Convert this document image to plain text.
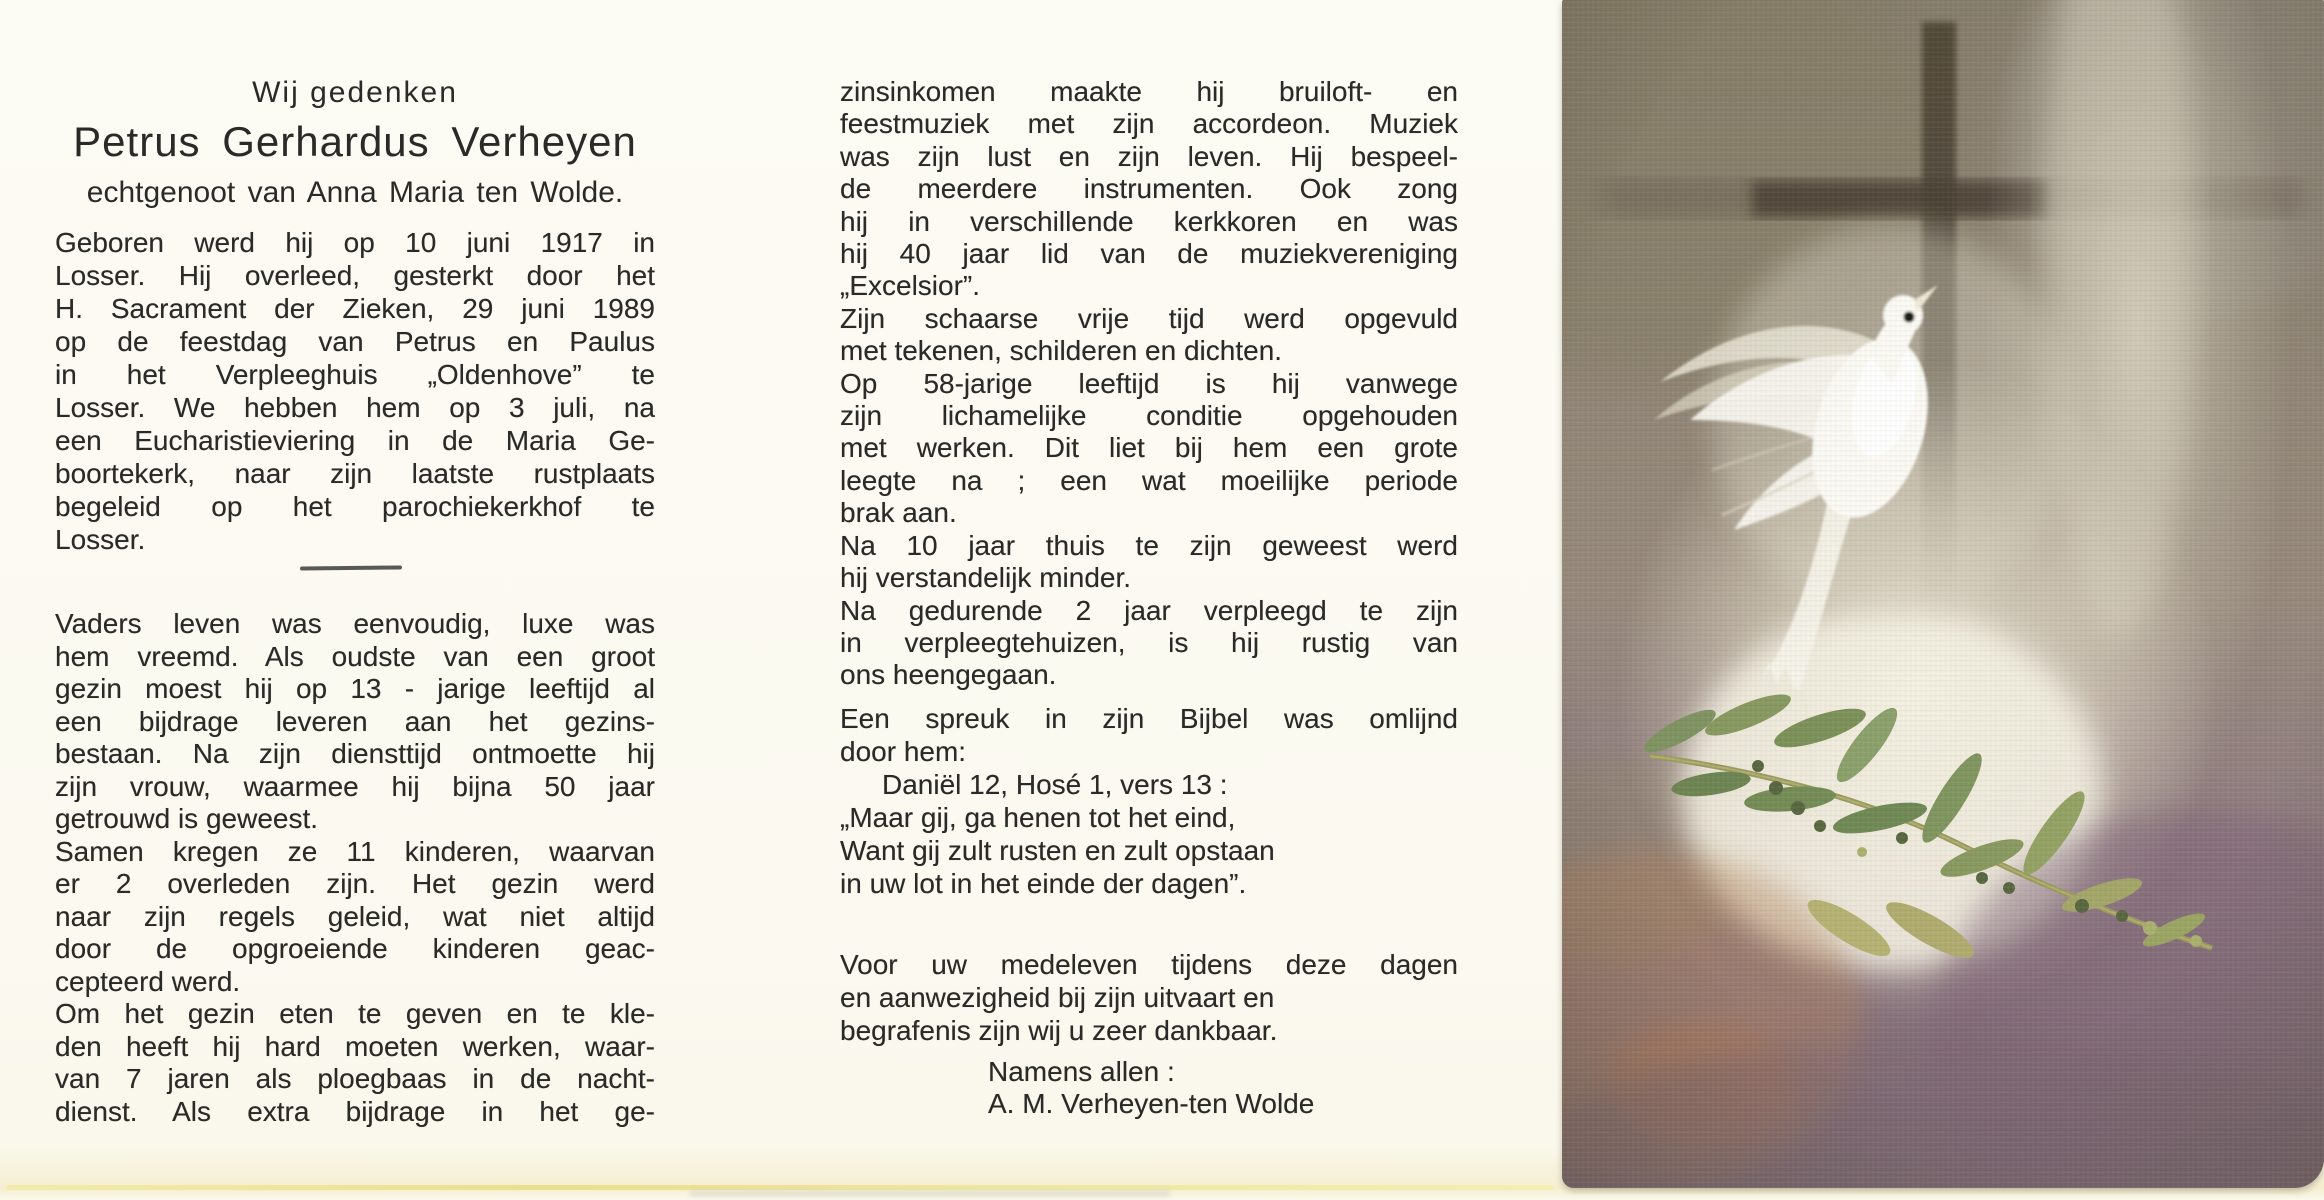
Wij gedenken
Petrus Gerhardus Verheyen
echtgenoot van Anna Maria ten Wolde.
Geboren werd hij op 10 juni 1917 in
Losser. Hij overleed, gesterkt door het
H. Sacrament der Zieken, 29 juni 1989
op de feestdag van Petrus en Paulus
in het Verpleeghuis „Oldenhove” te
Losser. We hebben hem op 3 juli, na
een Eucharistieviering in de Maria Ge-
boortekerk, naar zijn laatste rustplaats
begeleid op het parochiekerkhof te
Losser.
Vaders leven was eenvoudig, luxe was
hem vreemd. Als oudste van een groot
gezin moest hij op 13 - jarige leeftijd al
een bijdrage leveren aan het gezins-
bestaan. Na zijn diensttijd ontmoette hij
zijn vrouw, waarmee hij bijna 50 jaar
getrouwd is geweest.
Samen kregen ze 11 kinderen, waarvan
er 2 overleden zijn. Het gezin werd
naar zijn regels geleid, wat niet altijd
door de opgroeiende kinderen geac-
cepteerd werd.
Om het gezin eten te geven en te kle-
den heeft hij hard moeten werken, waar-
van 7 jaren als ploegbaas in de nacht-
dienst. Als extra bijdrage in het ge-
zinsinkomen maakte hij bruiloft- en
feestmuziek met zijn accordeon. Muziek
was zijn lust en zijn leven. Hij bespeel-
de meerdere instrumenten. Ook zong
hij in verschillende kerkkoren en was
hij 40 jaar lid van de muziekvereniging
„Excelsior”.
Zijn schaarse vrije tijd werd opgevuld
met tekenen, schilderen en dichten.
Op 58-jarige leeftijd is hij vanwege
zijn lichamelijke conditie opgehouden
met werken. Dit liet bij hem een grote
leegte na ; een wat moeilijke periode
brak aan.
Na 10 jaar thuis te zijn geweest werd
hij verstandelijk minder.
Na gedurende 2 jaar verpleegd te zijn
in verpleegtehuizen, is hij rustig van
ons heengegaan.
Een spreuk in zijn Bijbel was omlijnd
door hem:
Daniël 12, Hosé 1, vers 13 :
„Maar gij, ga henen tot het eind,
Want gij zult rusten en zult opstaan
in uw lot in het einde der dagen”.
Voor uw medeleven tijdens deze dagen
en aanwezigheid bij zijn uitvaart en
begrafenis zijn wij u zeer dankbaar.
Namens allen :
A. M. Verheyen-ten Wolde
